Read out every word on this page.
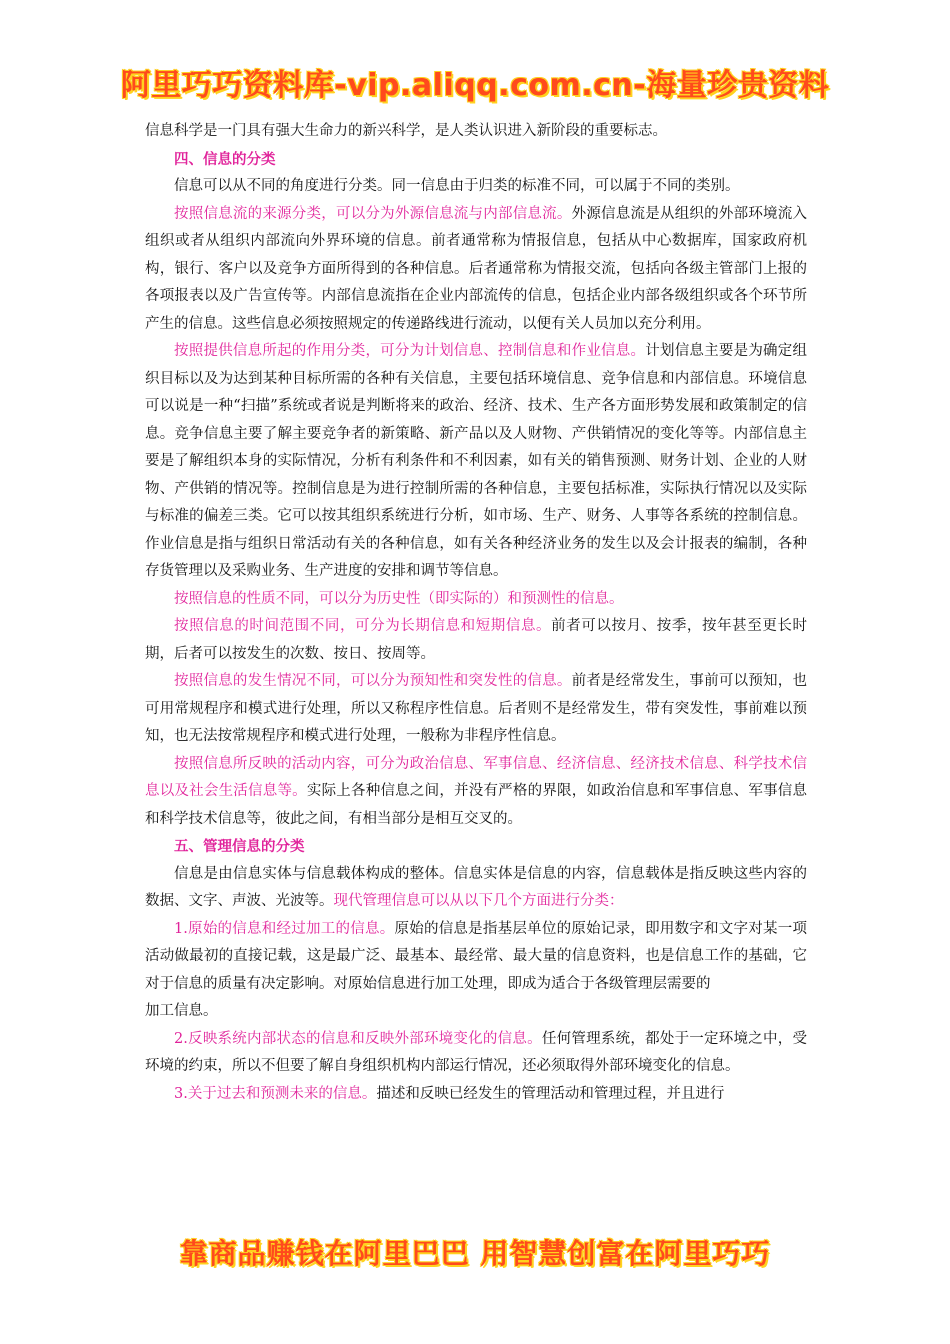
阿里巧巧资料库-vip.aliqq.com.cn-海量珍贵资料

信息科学是一门具有强大生命力的新兴科学，是人类认识进入新阶段的重要标志。

四、信息的分类

信息可以从不同的角度进行分类。同一信息由于归类的标准不同，可以属于不同的类别。

按照信息流的来源分类，可以分为外源信息流与内部信息流。外源信息流是从组织的外部环境流入组织或者从组织内部流向外界环境的信息。前者通常称为情报信息，包括从中心数据库，国家政府机构，银行、客户以及竞争方面所得到的各种信息。后者通常称为情报交流，包括向各级主管部门上报的各项报表以及广告宣传等。内部信息流指在企业内部流传的信息，包括企业内部各级组织或各个环节所产生的信息。这些信息必须按照规定的传递路线进行流动，以便有关人员加以充分利用。

按照提供信息所起的作用分类，可分为计划信息、控制信息和作业信息。计划信息主要是为确定组织目标以及为达到某种目标所需的各种有关信息，主要包括环境信息、竞争信息和内部信息。环境信息可以说是一种“扫描”系统或者说是判断将来的政治、经济、技术、生产各方面形势发展和政策制定的信息。竞争信息主要了解主要竞争者的新策略、新产品以及人财物、产供销情况的变化等等。内部信息主要是了解组织本身的实际情况，分析有利条件和不利因素，如有关的销售预测、财务计划、企业的人财物、产供销的情况等。控制信息是为进行控制所需的各种信息，主要包括标准，实际执行情况以及实际与标准的偏差三类。它可以按其组织系统进行分析，如市场、生产、财务、人事等各系统的控制信息。作业信息是指与组织日常活动有关的各种信息，如有关各种经济业务的发生以及会计报表的编制，各种存货管理以及采购业务、生产进度的安排和调节等信息。

按照信息的性质不同，可以分为历史性（即实际的）和预测性的信息。

按照信息的时间范围不同，可分为长期信息和短期信息。前者可以按月、按季，按年甚至更长时期，后者可以按发生的次数、按日、按周等。

按照信息的发生情况不同，可以分为预知性和突发性的信息。前者是经常发生，事前可以预知，也可用常规程序和模式进行处理，所以又称程序性信息。后者则不是经常发生，带有突发性，事前难以预知，也无法按常规程序和模式进行处理，一般称为非程序性信息。

按照信息所反映的活动内容，可分为政治信息、军事信息、经济信息、经济技术信息、科学技术信息以及社会生活信息等。实际上各种信息之间，并没有严格的界限，如政治信息和军事信息、军事信息和科学技术信息等，彼此之间，有相当部分是相互交叉的。

五、管理信息的分类

信息是由信息实体与信息载体构成的整体。信息实体是信息的内容，信息载体是指反映这些内容的数据、文字、声波、光波等。现代管理信息可以从以下几个方面进行分类：

1.原始的信息和经过加工的信息。原始的信息是指基层单位的原始记录，即用数字和文字对某一项活动做最初的直接记载，这是最广泛、最基本、最经常、最大量的信息资料，也是信息工作的基础，它对于信息的质量有决定影响。对原始信息进行加工处理，即成为适合于各级管理层需要的

加工信息。

2.反映系统内部状态的信息和反映外部环境变化的信息。任何管理系统，都处于一定环境之中，受环境的约束，所以不但要了解自身组织机构内部运行情况，还必须取得外部环境变化的信息。

3.关于过去和预测未来的信息。描述和反映已经发生的管理活动和管理过程，并且进行

靠商品赚钱在阿里巴巴 用智慧创富在阿里巧巧
